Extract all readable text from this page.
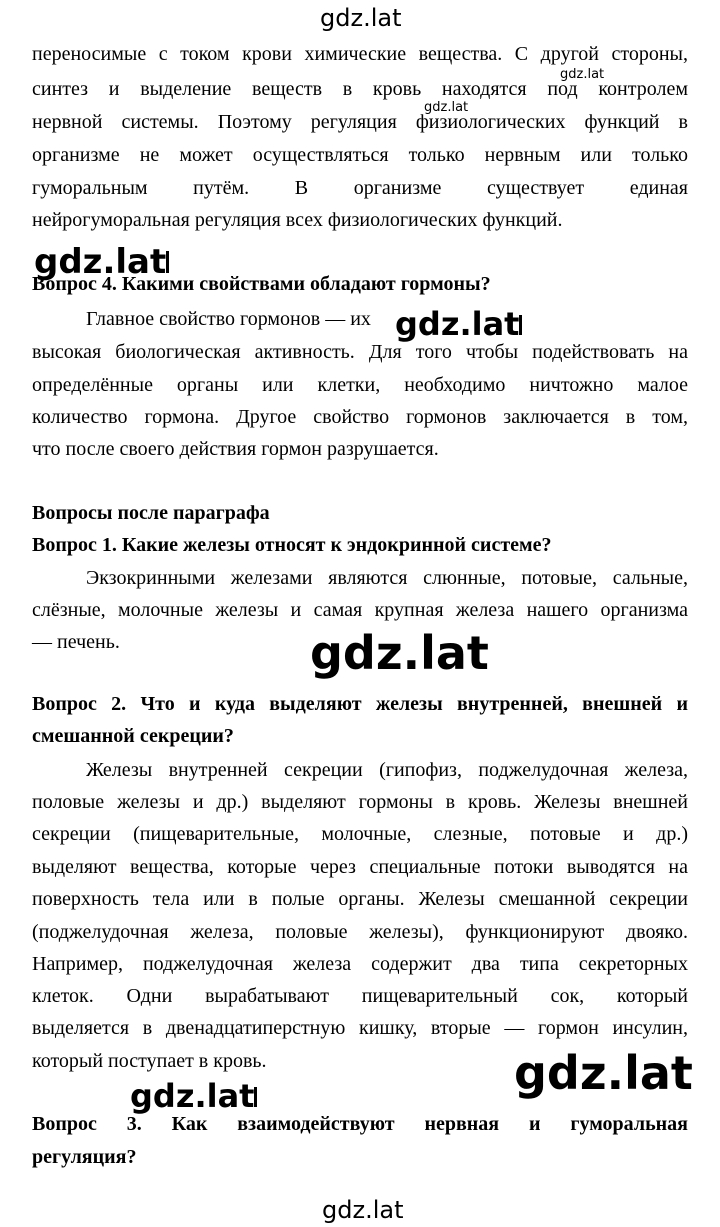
gdz.lat
переносимые с током крови химические вещества. С другой стороны,
синтез и выделение веществ в кровь находятся под контролем
нервной системы. Поэтому регуляция физиологических функций в
организме не может осуществляться только нервным или только
гуморальным путём. В организме существует единая
нейрогуморальная регуляция всех физиологических функций.
gdz.lat
gdz.lat
gdz.lat
Вопрос 4. Какими свойствами обладают гормоны?
Главное свойство гормонов — их gdz.lat
высокая биологическая активность. Для того чтобы подействовать на
определённые органы или клетки, необходимо ничтожно малое
количество гормона. Другое свойство гормонов заключается в том,
что после своего действия гормон разрушается.
Вопросы после параграфа
Вопрос 1. Какие железы относят к эндокринной системе?
Экзокринными железами являются слюнные, потовые, сальные,
слёзные, молочные железы и самая крупная железа нашего организма
— печень.	gdz.lat
Вопрос 2. Что и куда выделяют железы внутренней, внешней и
смешанной секреции?
Железы внутренней секреции (гипофиз, поджелудочная железа,
половые железы и др.) выделяют гормоны в кровь. Железы внешней
секреции (пищеварительные, молочные, слезные, потовые и др.)
выделяют вещества, которые через специальные потоки выводятся на
поверхность тела или в полые органы. Железы смешанной секреции
(поджелудочная железа, половые железы), функционируют двояко.
Например, поджелудочная железа содержит два типа секреторных
клеток. Одни вырабатывают пищеварительный сок, который
выделяется в двенадцатиперстную кишку, вторые — гормон инсулин,
который поступает в кровь.	gdz.lat
gdz.lat
Вопрос 3. Как взаимодействуют нервная и гуморальная
регуляция?
gdz.lat
